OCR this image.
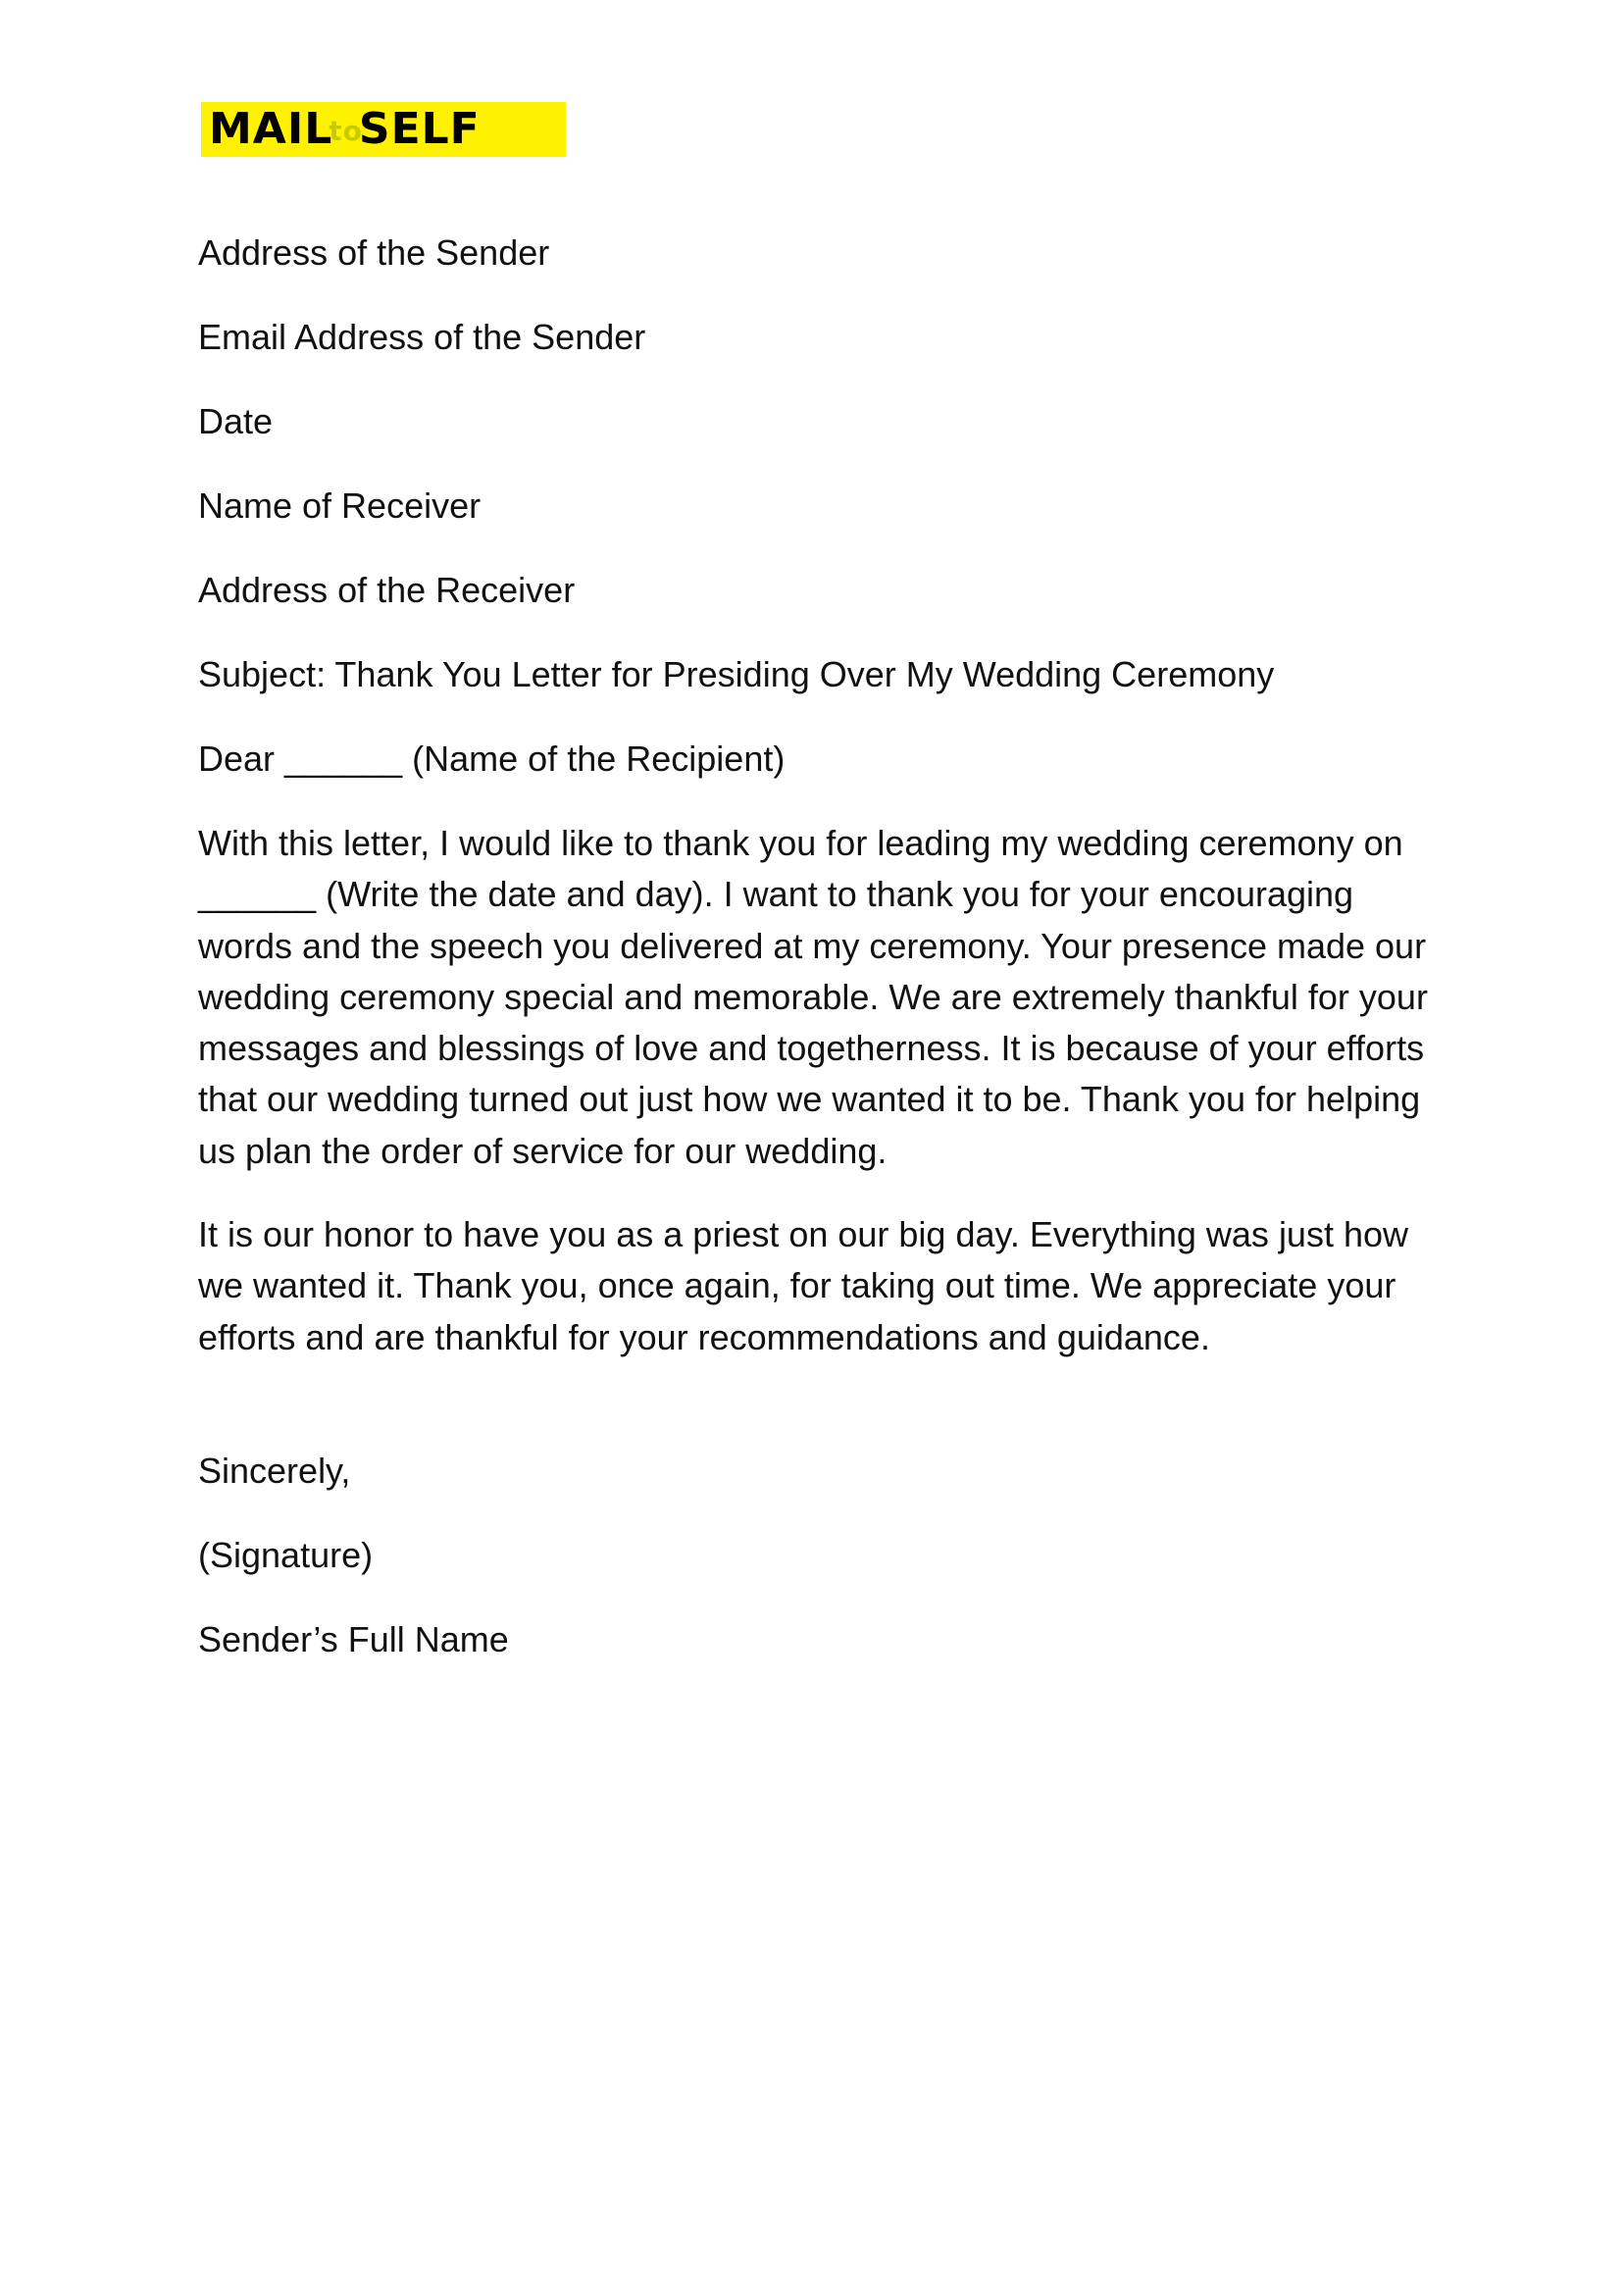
MAILtoSELF

Address of the Sender

Email Address of the Sender

Date

Name of Receiver

Address of the Receiver

Subject: Thank You Letter for Presiding Over My Wedding Ceremony

Dear ______ (Name of the Recipient)

With this letter, I would like to thank you for leading my wedding ceremony on ______ (Write the date and day). I want to thank you for your encouraging words and the speech you delivered at my ceremony. Your presence made our wedding ceremony special and memorable. We are extremely thankful for your messages and blessings of love and togetherness. It is because of your efforts that our wedding turned out just how we wanted it to be. Thank you for helping us plan the order of service for our wedding.

It is our honor to have you as a priest on our big day. Everything was just how we wanted it. Thank you, once again, for taking out time. We appreciate your efforts and are thankful for your recommendations and guidance.

Sincerely,

(Signature)

Sender’s Full Name
